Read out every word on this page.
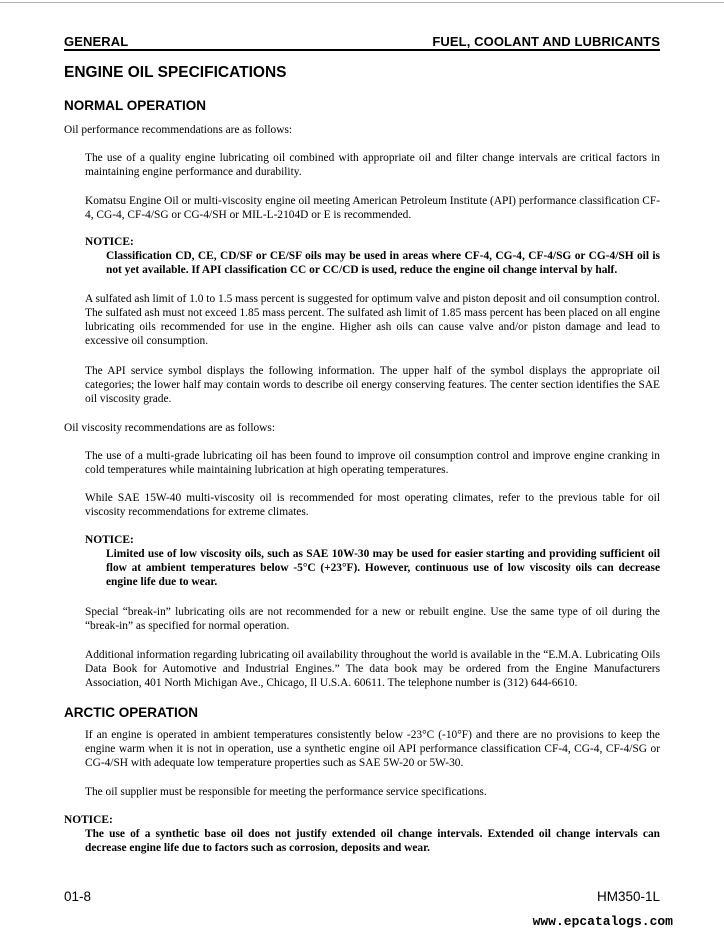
GENERAL	FUEL, COOLANT AND LUBRICANTS
ENGINE OIL SPECIFICATIONS
NORMAL OPERATION

Oil performance recommendations are as follows:

The use of a quality engine lubricating oil combined with appropriate oil and filter change intervals are critical factors in maintaining engine performance and durability.

Komatsu Engine Oil or multi-viscosity engine oil meeting American Petroleum Institute (API) performance classification CF-4, CG-4, CF-4/SG or CG-4/SH or MIL-L-2104D or E is recommended.

NOTICE:

Classification CD, CE, CD/SF or CE/SF oils may be used in areas where CF-4, CG-4, CF-4/SG or CG-4/SH oil is not yet available. If API classification CC or CC/CD is used, reduce the engine oil change interval by half.

A sulfated ash limit of 1.0 to 1.5 mass percent is suggested for optimum valve and piston deposit and oil consumption control. The sulfated ash must not exceed 1.85 mass percent. The sulfated ash limit of 1.85 mass percent has been placed on all engine lubricating oils recommended for use in the engine. Higher ash oils can cause valve and/or piston damage and lead to excessive oil consumption.

The API service symbol displays the following information. The upper half of the symbol displays the appropriate oil categories; the lower half may contain words to describe oil energy conserving features. The center section identifies the SAE oil viscosity grade.

Oil viscosity recommendations are as follows:

The use of a multi-grade lubricating oil has been found to improve oil consumption control and improve engine cranking in cold temperatures while maintaining lubrication at high operating temperatures.

While SAE 15W-40 multi-viscosity oil is recommended for most operating climates, refer to the previous table for oil viscosity recommendations for extreme climates.

NOTICE:

Limited use of low viscosity oils, such as SAE 10W-30 may be used for easier starting and providing sufficient oil flow at ambient temperatures below -5°C (+23°F). However, continuous use of low viscosity oils can decrease engine life due to wear.

Special “break-in” lubricating oils are not recommended for a new or rebuilt engine. Use the same type of oil during the “break-in” as specified for normal operation.

Additional information regarding lubricating oil availability throughout the world is available in the “E.M.A. Lubricating Oils Data Book for Automotive and Industrial Engines.” The data book may be ordered from the Engine Manufacturers Association, 401 North Michigan Ave., Chicago, Il U.S.A. 60611. The telephone number is (312) 644-6610.

ARCTIC OPERATION

If an engine is operated in ambient temperatures consistently below -23°C (-10°F) and there are no provisions to keep the engine warm when it is not in operation, use a synthetic engine oil API performance classification CF-4, CG-4, CF-4/SG or CG-4/SH with adequate low temperature properties such as SAE 5W-20 or 5W-30.

The oil supplier must be responsible for meeting the performance service specifications.

NOTICE:

The use of a synthetic base oil does not justify extended oil change intervals. Extended oil change intervals can decrease engine life due to factors such as corrosion, deposits and wear.

01-8	HM350-1L
www.epcatalogs.com
